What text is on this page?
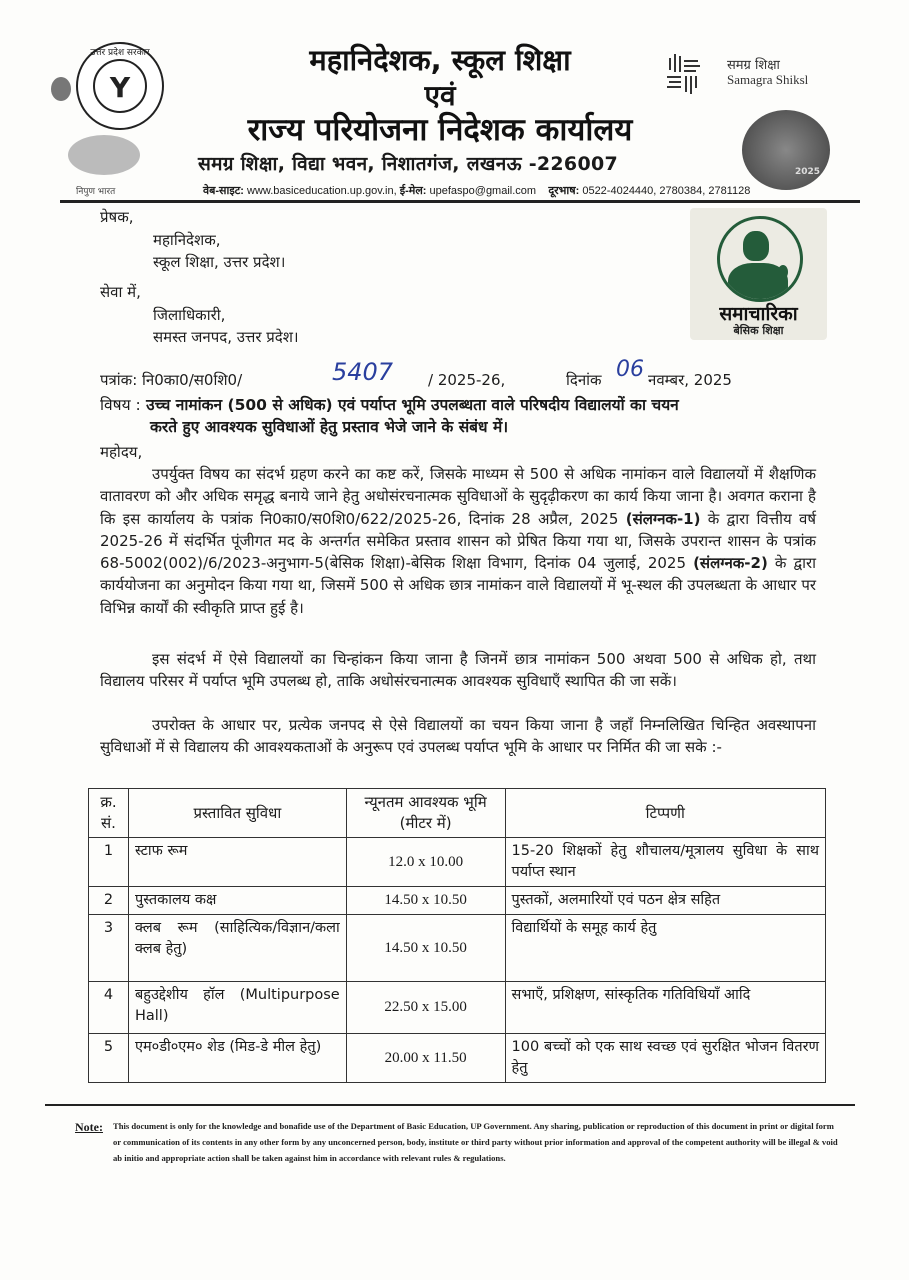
उत्तर प्रदेश सरकार
Y
निपुण भारत
महानिदेशक, स्कूल शिक्षा
एवं
राज्य परियोजना निदेशक कार्यालय
समग्र शिक्षा, विद्या भवन, निशातगंज, लखनऊ -226007
वेब-साइट: www.basiceducation.up.gov.in, ई-मेल: upefaspo@gmail.com दूरभाष: 0522-4024440, 2780384, 2781128
समग्र शिक्षा
Samagra Shiksl
2025
समाचारिका
बेसिक शिक्षा
प्रेषक,
महानिदेशक,
स्कूल शिक्षा, उत्तर प्रदेश।
सेवा में,
जिलाधिकारी,
समस्त जनपद, उत्तर प्रदेश।
पत्रांक: नि0का0/स0शि0/	5407 / 2025-26,	दिनांक 06 नवम्बर, 2025
विषय : उच्च नामांकन (500 से अधिक) एवं पर्याप्त भूमि उपलब्धता वाले परिषदीय विद्यालयों का चयन
करते हुए आवश्यक सुविधाओं हेतु प्रस्ताव भेजे जाने के संबंध में।
महोदय,
उपर्युक्त विषय का संदर्भ ग्रहण करने का कष्ट करें, जिसके माध्यम से 500 से अधिक नामांकन वाले विद्यालयों में शैक्षणिक वातावरण को और अधिक समृद्ध बनाये जाने हेतु अधोसंरचनात्मक सुविधाओं के सुदृढ़ीकरण का कार्य किया जाना है। अवगत कराना है कि इस कार्यालय के पत्रांक नि0का0/स0शि0/622/2025-26, दिनांक 28 अप्रैल, 2025 (संलग्नक-1) के द्वारा वित्तीय वर्ष 2025-26 में संदर्भित पूंजीगत मद के अन्तर्गत समेकित प्रस्ताव शासन को प्रेषित किया गया था, जिसके उपरान्त शासन के पत्रांक 68-5002(002)/6/2023-अनुभाग-5(बेसिक शिक्षा)-बेसिक शिक्षा विभाग, दिनांक 04 जुलाई, 2025 (संलग्नक-2) के द्वारा कार्ययोजना का अनुमोदन किया गया था, जिसमें 500 से अधिक छात्र नामांकन वाले विद्यालयों में भू-स्थल की उपलब्धता के आधार पर विभिन्न कार्यों की स्वीकृति प्राप्त हुई है।
इस संदर्भ में ऐसे विद्यालयों का चिन्हांकन किया जाना है जिनमें छात्र नामांकन 500 अथवा 500 से अधिक हो, तथा विद्यालय परिसर में पर्याप्त भूमि उपलब्ध हो, ताकि अधोसंरचनात्मक आवश्यक सुविधाएँ स्थापित की जा सकें।
उपरोक्त के आधार पर, प्रत्येक जनपद से ऐसे विद्यालयों का चयन किया जाना है जहाँ निम्नलिखित चिन्हित अवस्थापना सुविधाओं में से विद्यालय की आवश्यकताओं के अनुरूप एवं उपलब्ध पर्याप्त भूमि के आधार पर निर्मित की जा सके :-
क्र. सं.	प्रस्तावित सुविधा	न्यूनतम आवश्यक भूमि (मीटर में)	टिप्पणी
1	स्टाफ रूम	12.0 x 10.00	15-20 शिक्षकों हेतु शौचालय/मूत्रालय सुविधा के साथ पर्याप्त स्थान
2	पुस्तकालय कक्ष	14.50 x 10.50	पुस्तकों, अलमारियों एवं पठन क्षेत्र सहित
3	क्लब रूम (साहित्यिक/विज्ञान/कला क्लब हेतु)	14.50 x 10.50	विद्यार्थियों के समूह कार्य हेतु
4	बहुउद्देशीय हॉल (Multipurpose Hall)	22.50 x 15.00	सभाएँ, प्रशिक्षण, सांस्कृतिक गतिविधियाँ आदि
5	एम०डी०एम० शेड (मिड-डे मील हेतु)	20.00 x 11.50	100 बच्चों को एक साथ स्वच्छ एवं सुरक्षित भोजन वितरण हेतु
Note: This document is only for the knowledge and bonafide use of the Department of Basic Education, UP Government. Any sharing, publication or reproduction of this document in print or digital form or communication of its contents in any other form by any unconcerned person, body, institute or third party without prior information and approval of the competent authority will be illegal & void ab initio and appropriate action shall be taken against him in accordance with relevant rules & regulations.
